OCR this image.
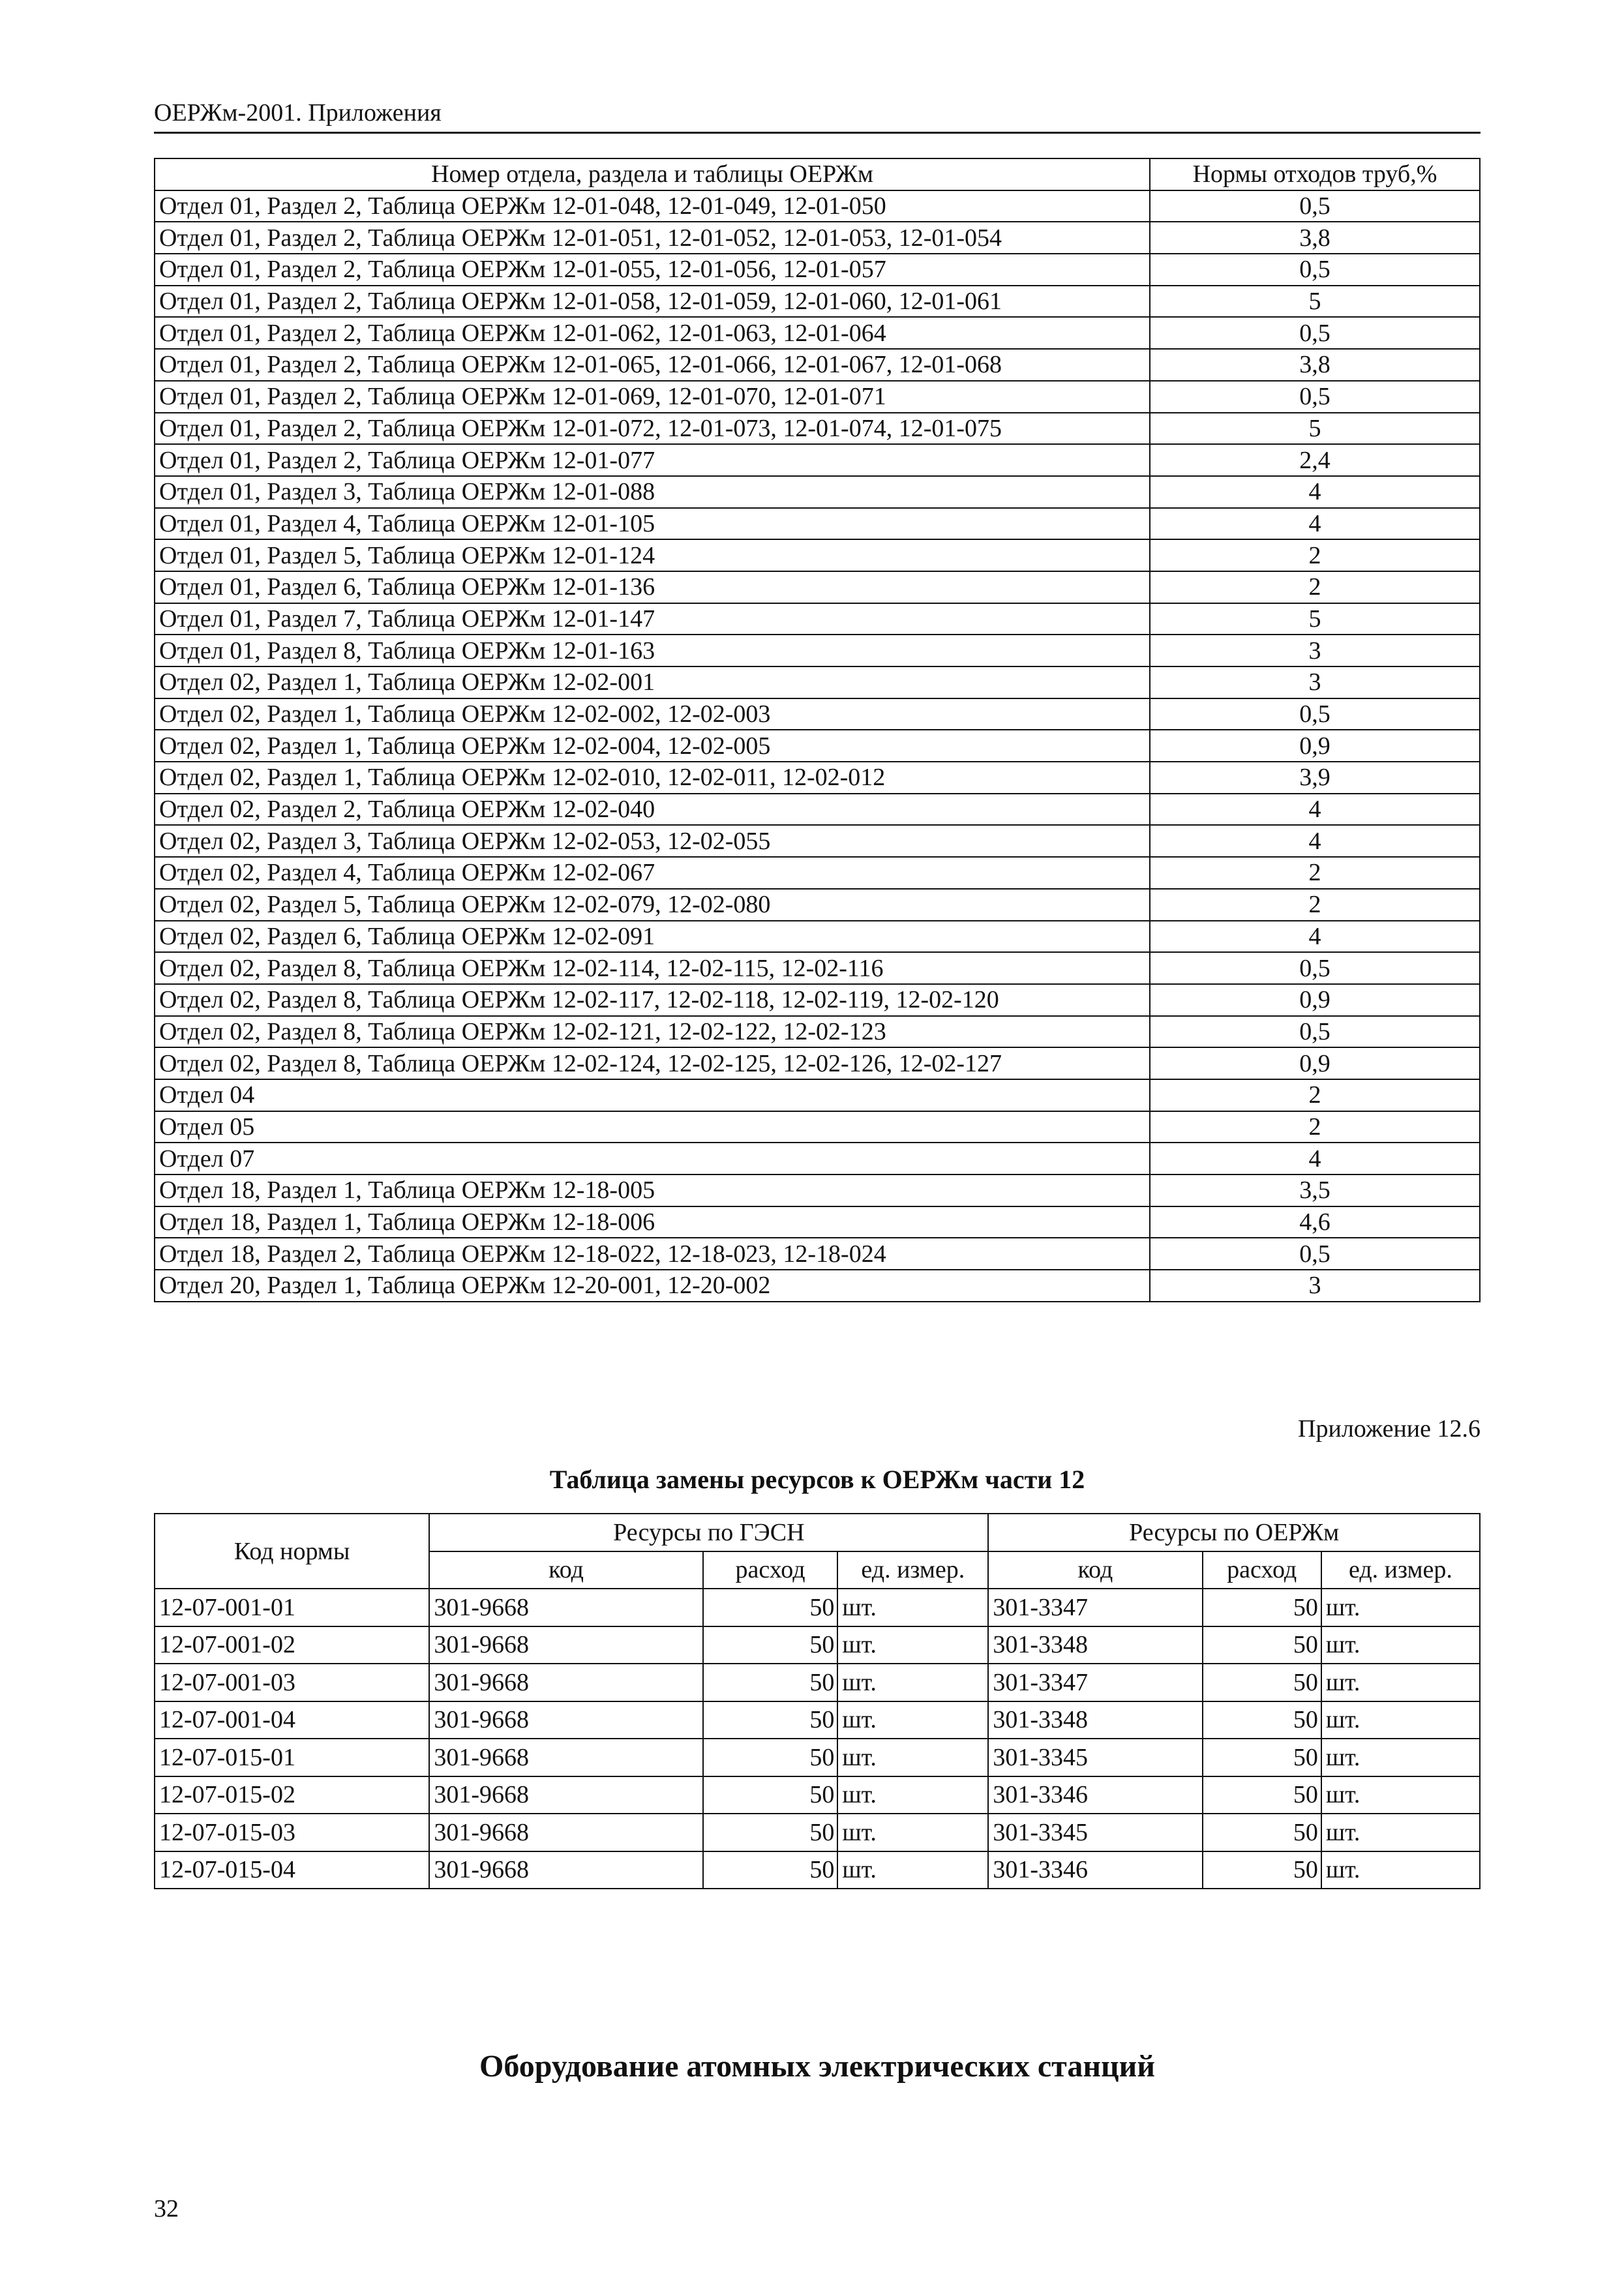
ОЕРЖм-2001. Приложения
Номер отдела, раздела и таблицы ОЕРЖм	Нормы отходов труб,%
Отдел 01, Раздел 2, Таблица ОЕРЖм 12-01-048, 12-01-049, 12-01-050	0,5
Отдел 01, Раздел 2, Таблица ОЕРЖм 12-01-051, 12-01-052, 12-01-053, 12-01-054	3,8
Отдел 01, Раздел 2, Таблица ОЕРЖм 12-01-055, 12-01-056, 12-01-057	0,5
Отдел 01, Раздел 2, Таблица ОЕРЖм 12-01-058, 12-01-059, 12-01-060, 12-01-061	5
Отдел 01, Раздел 2, Таблица ОЕРЖм 12-01-062, 12-01-063, 12-01-064	0,5
Отдел 01, Раздел 2, Таблица ОЕРЖм 12-01-065, 12-01-066, 12-01-067, 12-01-068	3,8
Отдел 01, Раздел 2, Таблица ОЕРЖм 12-01-069, 12-01-070, 12-01-071	0,5
Отдел 01, Раздел 2, Таблица ОЕРЖм 12-01-072, 12-01-073, 12-01-074, 12-01-075	5
Отдел 01, Раздел 2, Таблица ОЕРЖм 12-01-077	2,4
Отдел 01, Раздел 3, Таблица ОЕРЖм 12-01-088	4
Отдел 01, Раздел 4, Таблица ОЕРЖм 12-01-105	4
Отдел 01, Раздел 5, Таблица ОЕРЖм 12-01-124	2
Отдел 01, Раздел 6, Таблица ОЕРЖм 12-01-136	2
Отдел 01, Раздел 7, Таблица ОЕРЖм 12-01-147	5
Отдел 01, Раздел 8, Таблица ОЕРЖм 12-01-163	3
Отдел 02, Раздел 1, Таблица ОЕРЖм 12-02-001	3
Отдел 02, Раздел 1, Таблица ОЕРЖм 12-02-002, 12-02-003	0,5
Отдел 02, Раздел 1, Таблица ОЕРЖм 12-02-004, 12-02-005	0,9
Отдел 02, Раздел 1, Таблица ОЕРЖм 12-02-010, 12-02-011, 12-02-012	3,9
Отдел 02, Раздел 2, Таблица ОЕРЖм 12-02-040	4
Отдел 02, Раздел 3, Таблица ОЕРЖм 12-02-053, 12-02-055	4
Отдел 02, Раздел 4, Таблица ОЕРЖм 12-02-067	2
Отдел 02, Раздел 5, Таблица ОЕРЖм 12-02-079, 12-02-080	2
Отдел 02, Раздел 6, Таблица ОЕРЖм 12-02-091	4
Отдел 02, Раздел 8, Таблица ОЕРЖм 12-02-114, 12-02-115, 12-02-116	0,5
Отдел 02, Раздел 8, Таблица ОЕРЖм 12-02-117, 12-02-118, 12-02-119, 12-02-120	0,9
Отдел 02, Раздел 8, Таблица ОЕРЖм 12-02-121, 12-02-122, 12-02-123	0,5
Отдел 02, Раздел 8, Таблица ОЕРЖм 12-02-124, 12-02-125, 12-02-126, 12-02-127	0,9
Отдел 04	2
Отдел 05	2
Отдел 07	4
Отдел 18, Раздел 1, Таблица ОЕРЖм 12-18-005	3,5
Отдел 18, Раздел 1, Таблица ОЕРЖм 12-18-006	4,6
Отдел 18, Раздел 2, Таблица ОЕРЖм 12-18-022, 12-18-023, 12-18-024	0,5
Отдел 20, Раздел 1, Таблица ОЕРЖм 12-20-001, 12-20-002	3
Приложение 12.6
Таблица замены ресурсов к ОЕРЖм части 12
Код нормы	Ресурсы по ГЭСН			Ресурсы по ОЕРЖм		
	код	расход	ед. измер.	код	расход	ед. измер.
12-07-001-01	301-9668	50	шт.	301-3347	50	шт.
12-07-001-02	301-9668	50	шт.	301-3348	50	шт.
12-07-001-03	301-9668	50	шт.	301-3347	50	шт.
12-07-001-04	301-9668	50	шт.	301-3348	50	шт.
12-07-015-01	301-9668	50	шт.	301-3345	50	шт.
12-07-015-02	301-9668	50	шт.	301-3346	50	шт.
12-07-015-03	301-9668	50	шт.	301-3345	50	шт.
12-07-015-04	301-9668	50	шт.	301-3346	50	шт.
Оборудование атомных электрических станций
32
